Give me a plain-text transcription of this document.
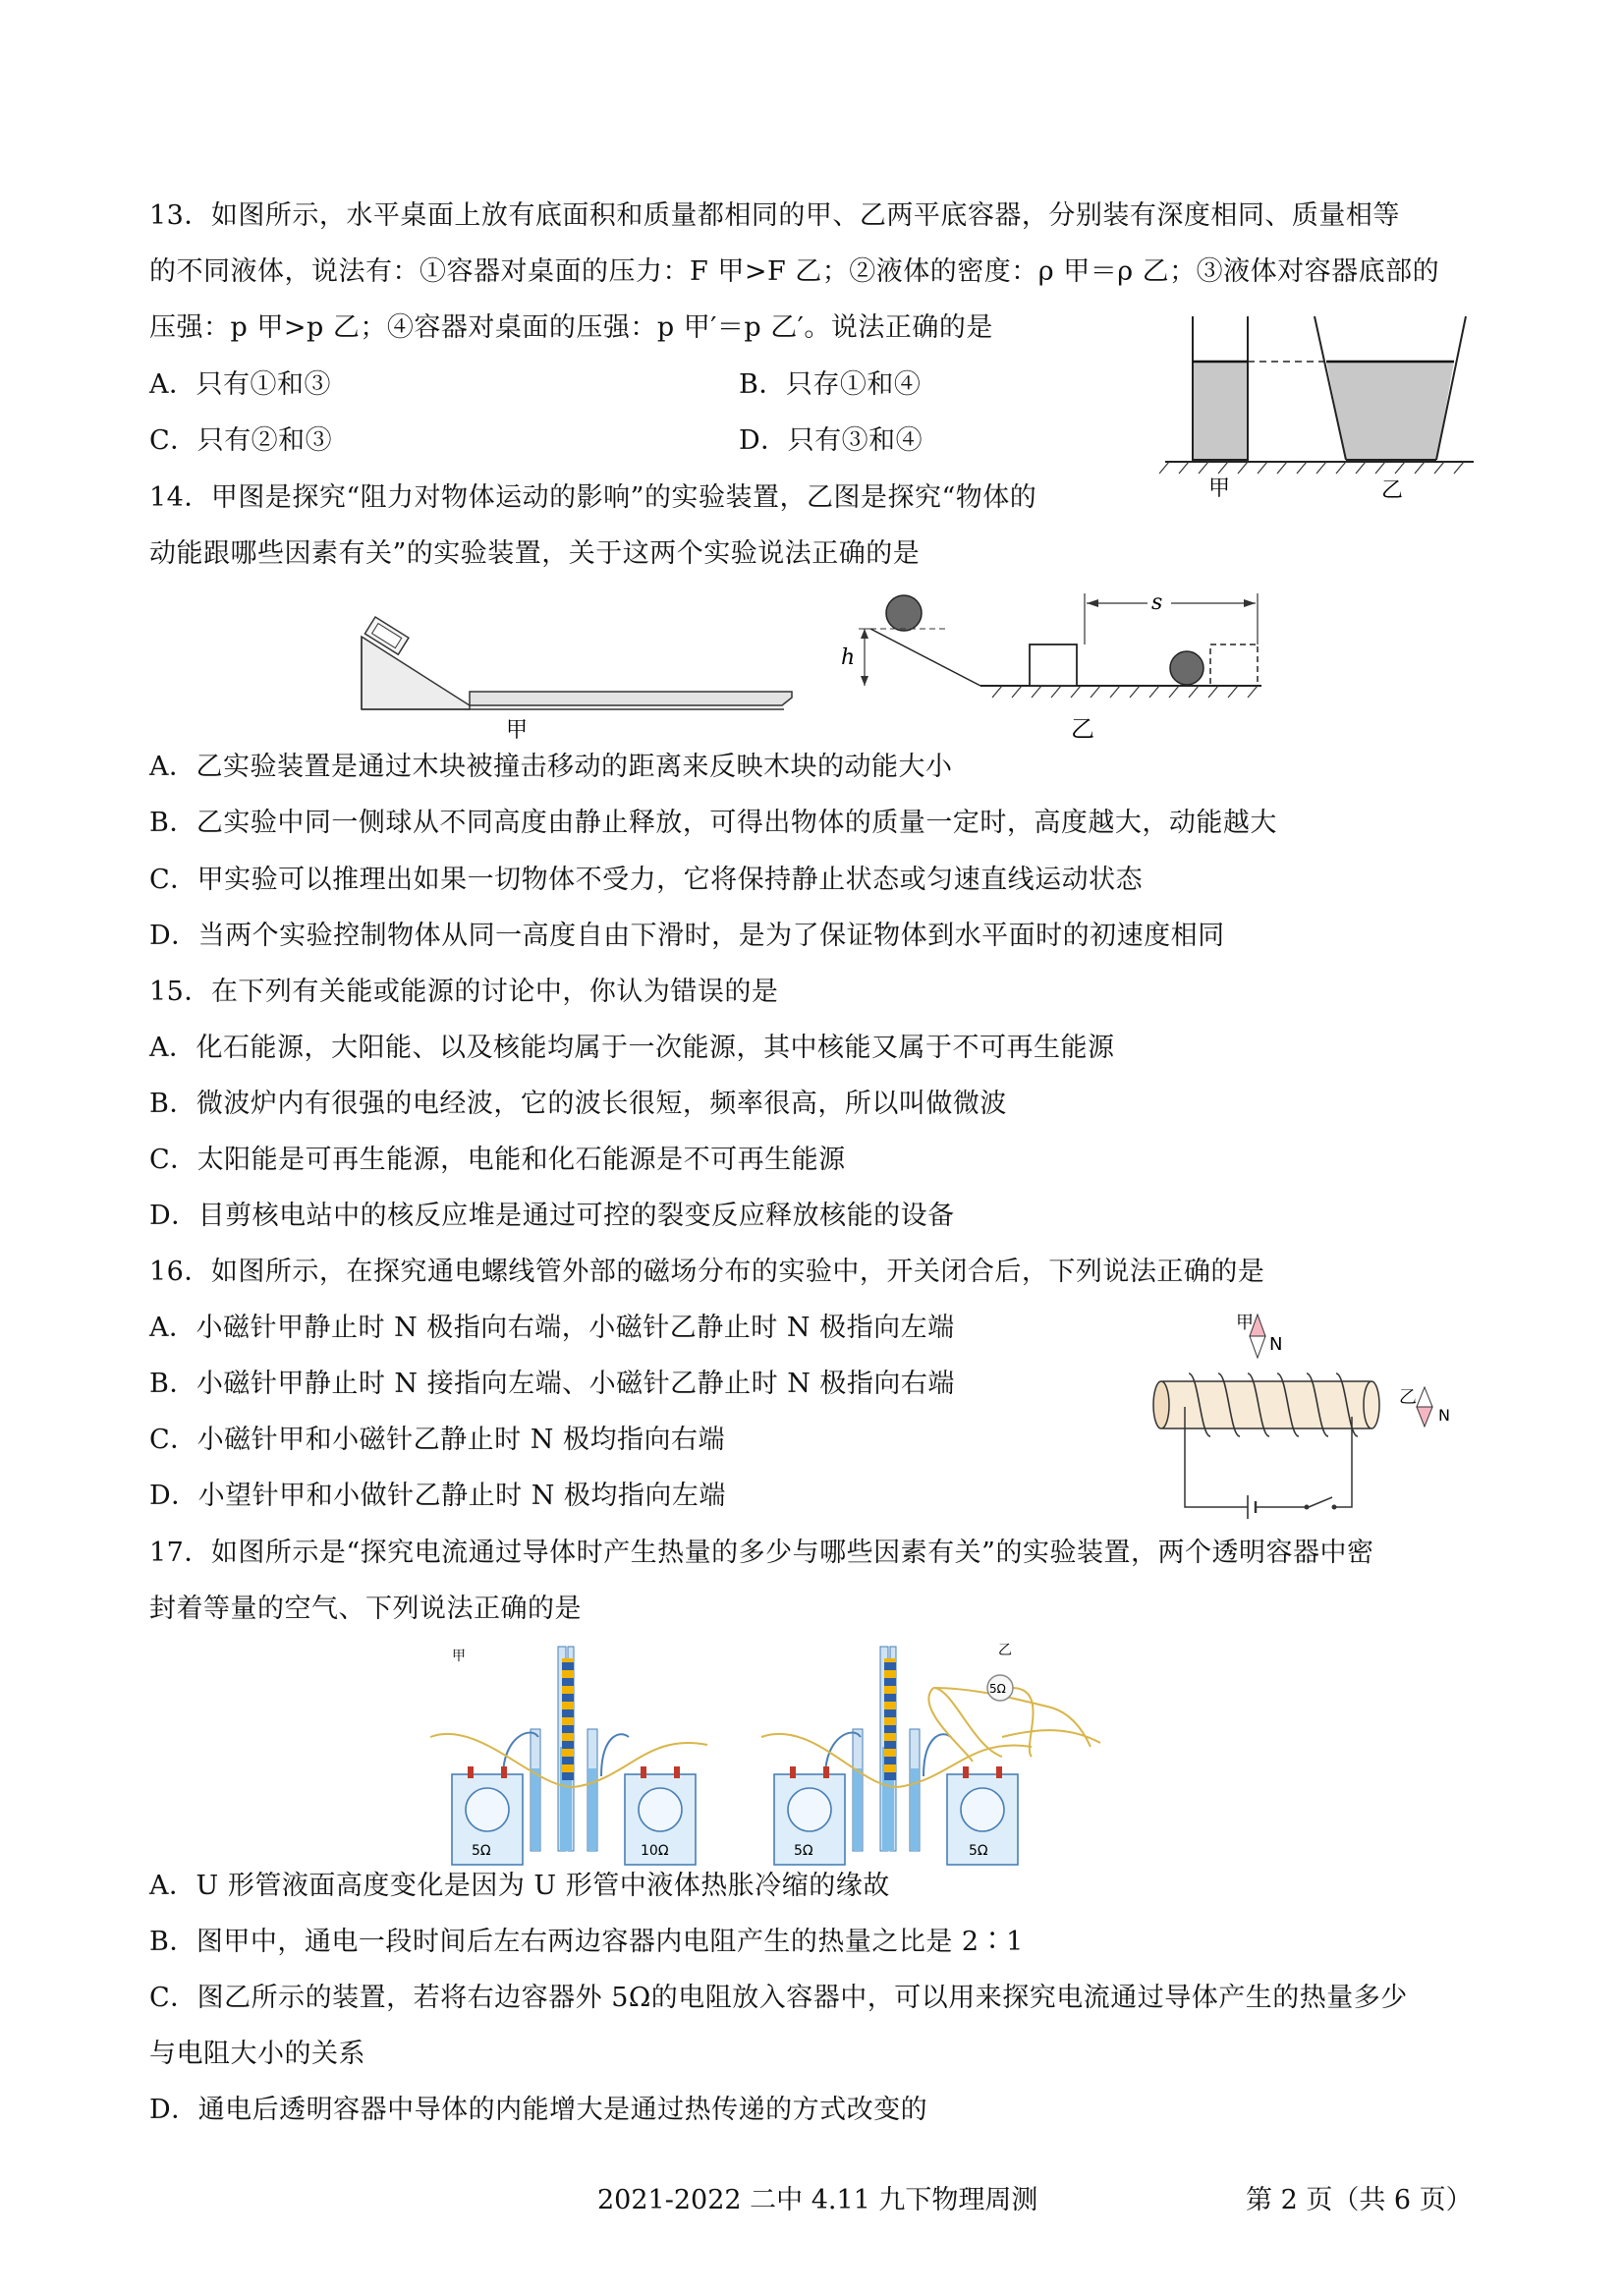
13．如图所示，水平桌面上放有底面积和质量都相同的甲、乙两平底容器，分别装有深度相同、质量相等
的不同液体，说法有：①容器对桌面的压力：F 甲>F 乙；②液体的密度：ρ 甲＝ρ 乙；③液体对容器底部的
压强：p 甲>p 乙；④容器对桌面的压强：p 甲′＝p 乙′。说法正确的是
A．只有①和③	B．只存①和④
C．只有②和③	D．只有③和④
甲	乙
14．甲图是探究“阻力对物体运动的影响”的实验装置，乙图是探究“物体的
动能跟哪些因素有关”的实验装置，关于这两个实验说法正确的是
甲
h
s
乙
A．乙实验装置是通过木块被撞击移动的距离来反映木块的动能大小
B．乙实验中同一侧球从不同高度由静止释放，可得出物体的质量一定时，高度越大，动能越大
C．甲实验可以推理出如果一切物体不受力，它将保持静止状态或匀速直线运动状态
D．当两个实验控制物体从同一高度自由下滑时，是为了保证物体到水平面时的初速度相同
15．在下列有关能或能源的讨论中，你认为错误的是
A．化石能源，大阳能、以及核能均属于一次能源，其中核能又属于不可再生能源
B．微波炉内有很强的电经波，它的波长很短，频率很高，所以叫做微波
C．太阳能是可再生能源，电能和化石能源是不可再生能源
D．目剪核电站中的核反应堆是通过可控的裂变反应释放核能的设备
16．如图所示，在探究通电螺线管外部的磁场分布的实验中，开关闭合后，下列说法正确的是
A．小磁针甲静止时 N 极指向右端，小磁针乙静止时 N 极指向左端
B．小磁针甲静止时 N 接指向左端、小磁针乙静止时 N 极指向右端
C．小磁针甲和小磁针乙静止时 N 极均指向右端
D．小望针甲和小做针乙静止时 N 极均指向左端
甲
N
乙
N
17．如图所示是“探究电流通过导体时产生热量的多少与哪些因素有关”的实验装置，两个透明容器中密
封着等量的空气、下列说法正确的是
甲
5Ω	10Ω
乙
5Ω
5Ω	5Ω
A．U 形管液面高度变化是因为 U 形管中液体热胀冷缩的缘故
B．图甲中，通电一段时间后左右两边容器内电阻产生的热量之比是 2∶1
C．图乙所示的装置，若将右边容器外 5Ω的电阻放入容器中，可以用来探究电流通过导体产生的热量多少
与电阻大小的关系
D．通电后透明容器中导体的内能增大是通过热传递的方式改变的
2021-2022 二中 4.11 九下物理周测	第 2 页（共 6 页）
